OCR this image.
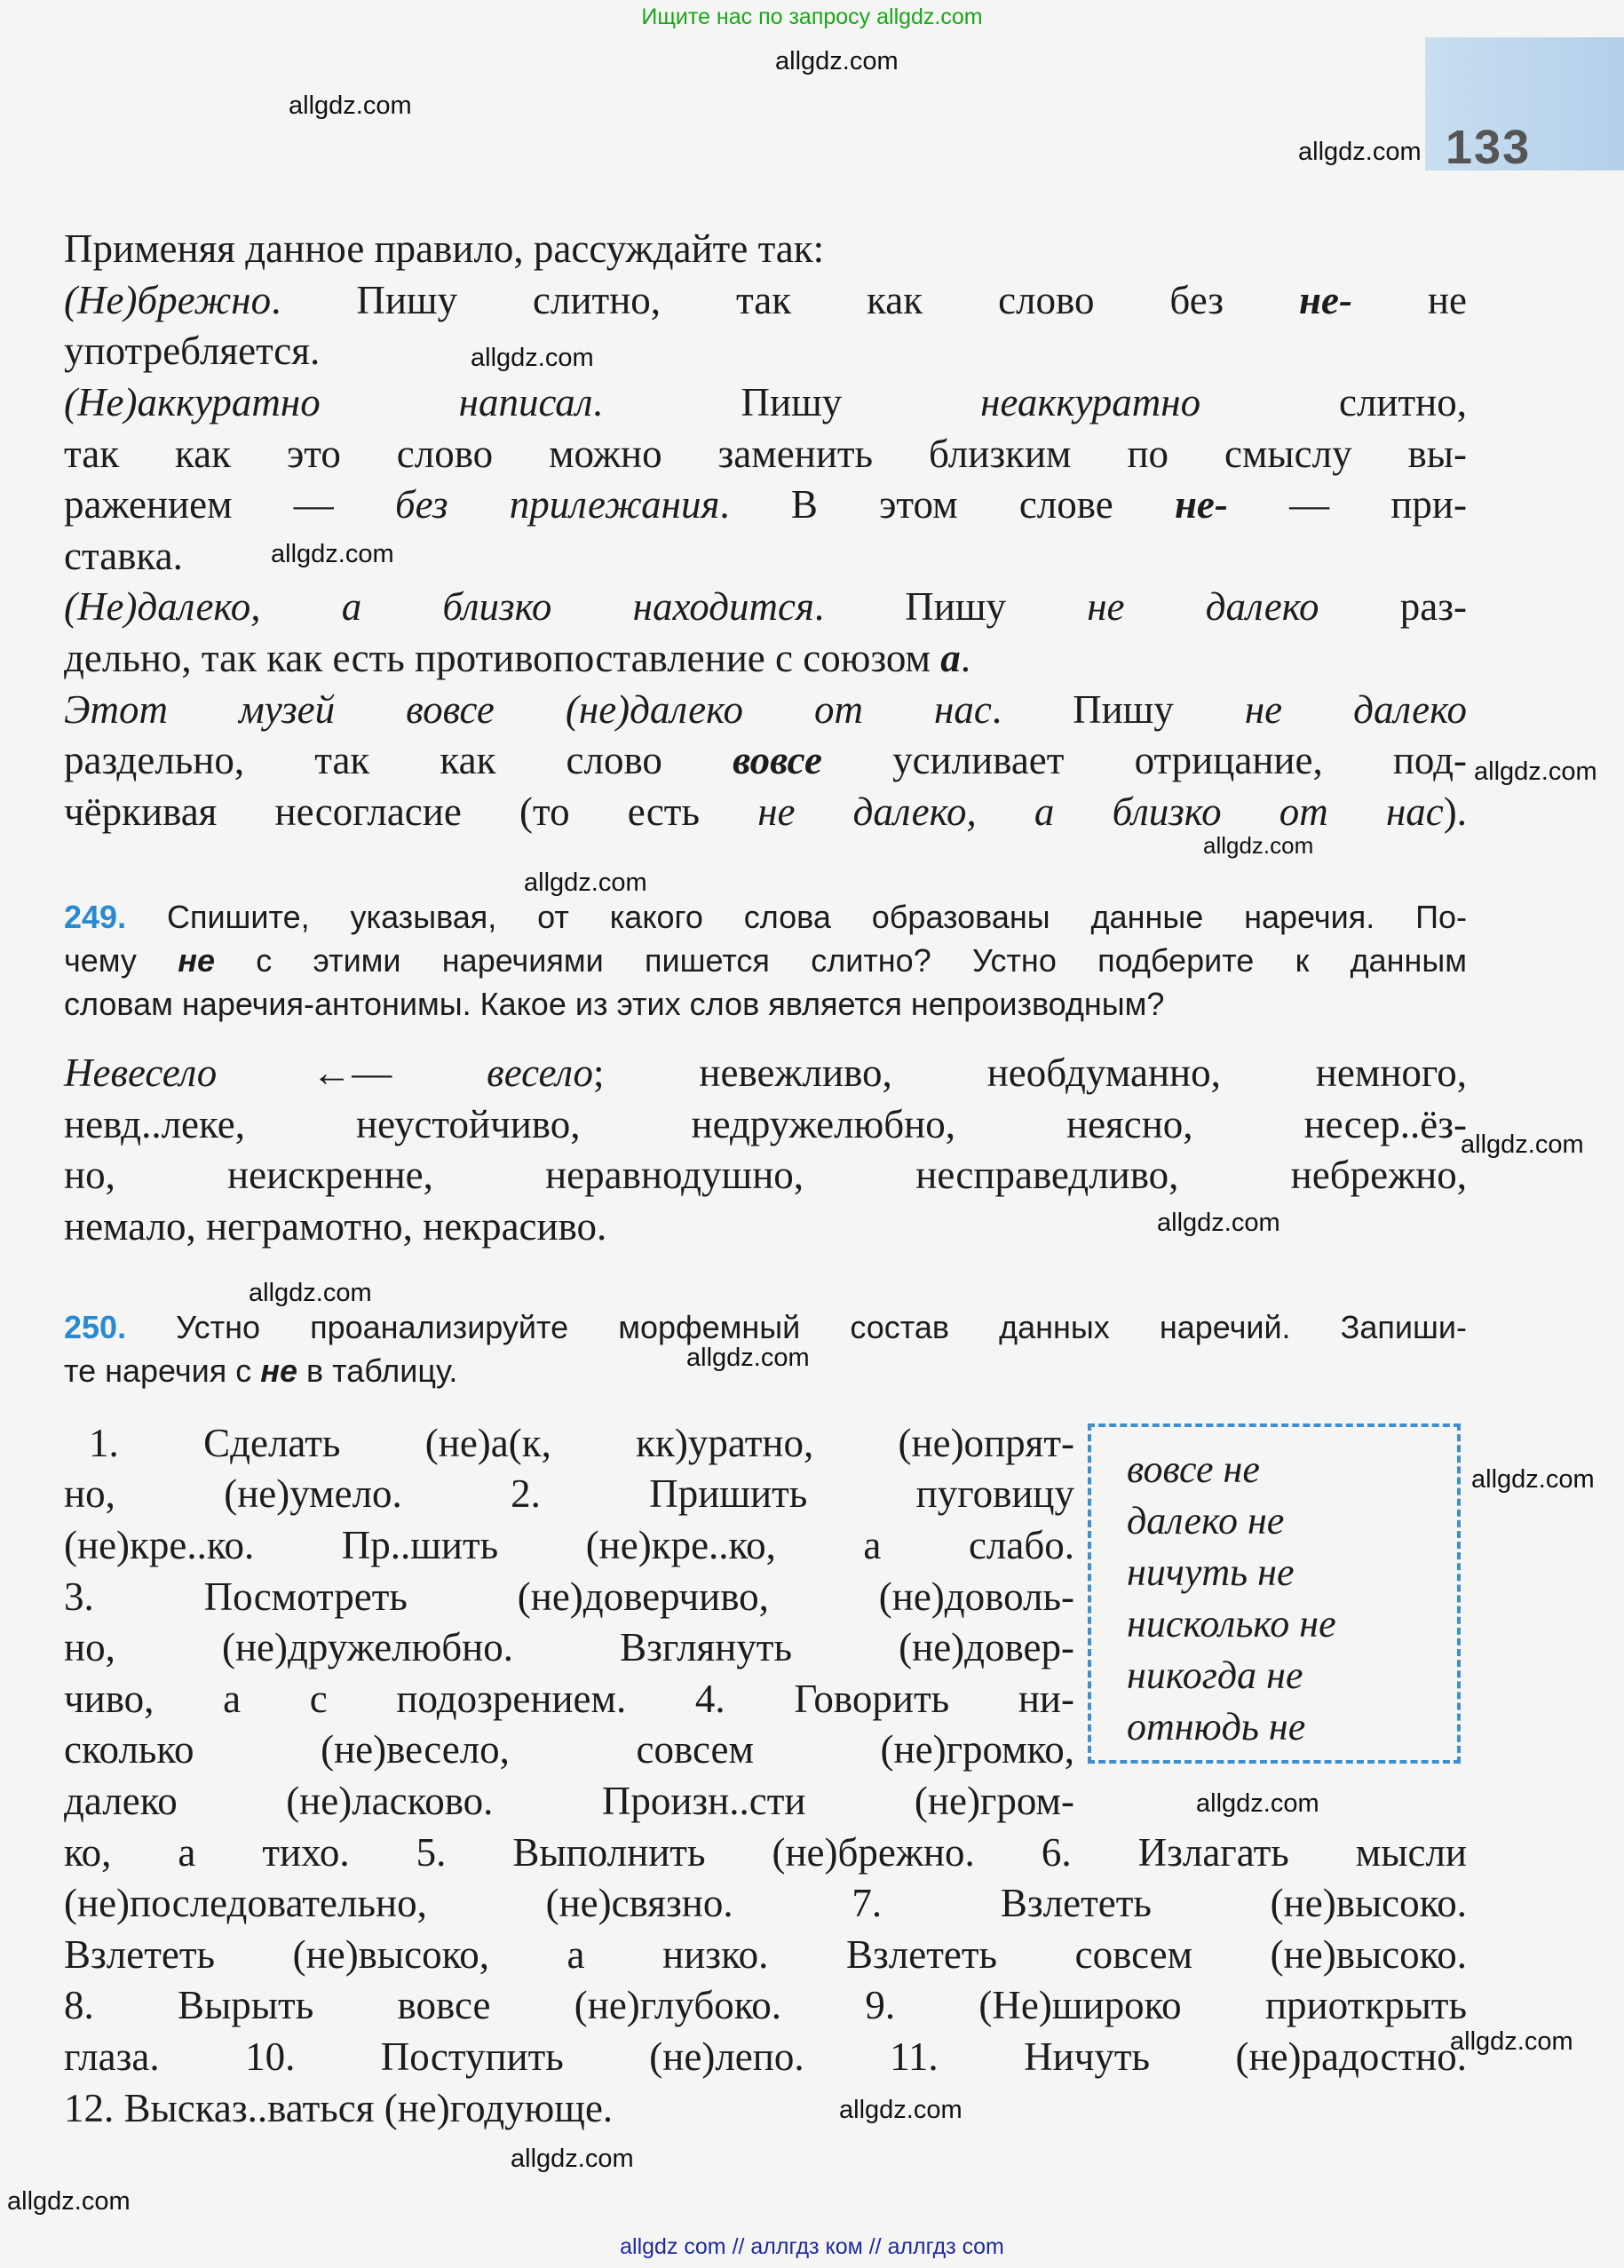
Ищите нас по запросу allgdz.com
133
allgdz.com
allgdz.com
allgdz.com
allgdz.com
allgdz.com
allgdz.com
allgdz.com
allgdz.com
allgdz.com
allgdz.com
allgdz.com
allgdz.com
allgdz.com
allgdz.com
allgdz.com
allgdz.com
allgdz.com
allgdz.com
Применяя данное правило, рассуждайте так:
(Не)брежно. Пишу слитно, так как слово без не- не
употребляется.
(Не)аккуратно написал. Пишу неаккуратно слитно,
так как это слово можно заменить близким по смыслу вы-
ражением — без прилежания. В этом слове не- — при-
ставка.
(Не)далеко, а близко находится. Пишу не далеко раз-
дельно, так как есть противопоставление с союзом а.
Этот музей вовсе (не)далеко от нас. Пишу не далеко
раздельно, так как слово вовсе усиливает отрицание, под-
чёркивая несогласие (то есть не далеко, а близко от нас).
249. Спишите, указывая, от какого слова образованы данные наречия. По-
чему не с этими наречиями пишется слитно? Устно подберите к данным
словам наречия-антонимы. Какое из этих слов является непроизводным?
Невесело ←— весело; невежливо, необдуманно, немного,
невд..леке, неустойчиво, недружелюбно, неясно, несер..ёз-
но, неискренне, неравнодушно, несправедливо, небрежно,
немало, неграмотно, некрасиво.
250. Устно проанализируйте морфемный состав данных наречий. Запиши-
те наречия с не в таблицу.
1. Сделать (не)а(к, кк)уратно, (не)опрят-
но, (не)умело. 2. Пришить пуговицу
(не)кре..ко. Пр..шить (не)кре..ко, а слабо.
3. Посмотреть (не)доверчиво, (не)доволь-
но, (не)дружелюбно. Взглянуть (не)довер-
чиво, а с подозрением. 4. Говорить ни-
сколько (не)весело, совсем (не)громко,
далеко (не)ласково. Произн..сти (не)гром-
ко, а тихо. 5. Выполнить (не)брежно. 6. Излагать мысли
(не)последовательно, (не)связно. 7. Взлететь (не)высоко.
Взлететь (не)высоко, а низко. Взлететь совсем (не)высоко.
8. Вырыть вовсе (не)глубоко. 9. (Не)широко приоткрыть
глаза. 10. Поступить (не)лепо. 11. Ничуть (не)радостно.
12. Высказ..ваться (не)годующе.
вовсе не
далеко не
ничуть не
нисколько не
никогда не
отнюдь не
allgdz com // аллгдз ком // аллгдз com
